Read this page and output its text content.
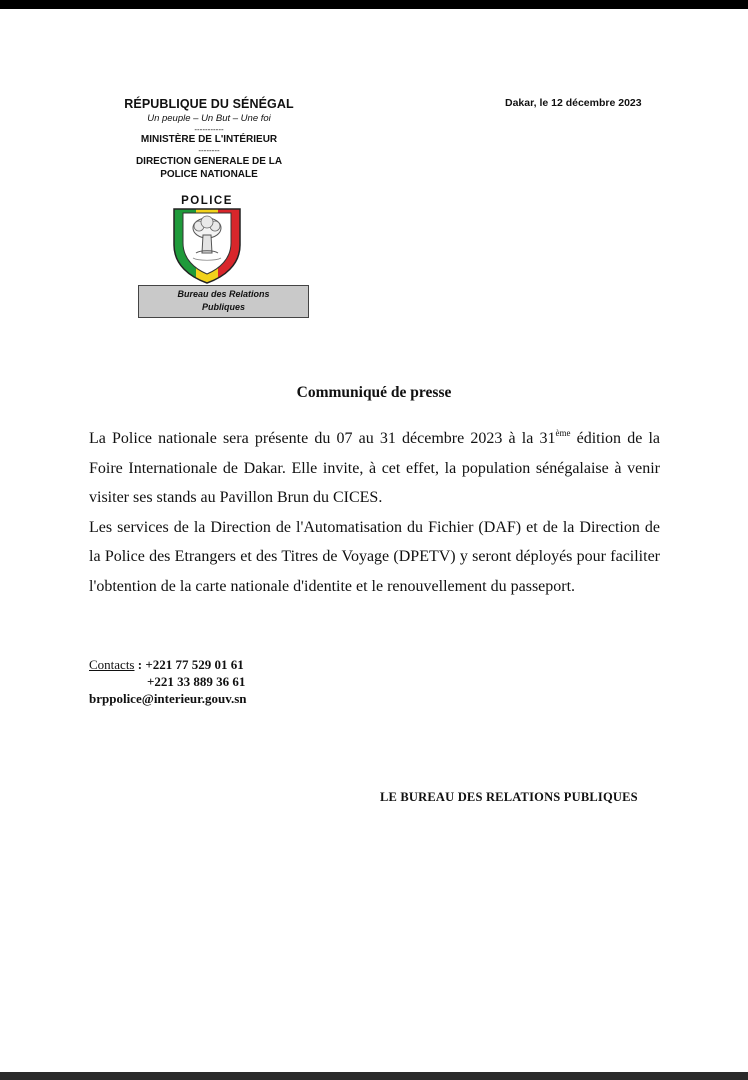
RÉPUBLIQUE DU SÉNÉGAL
Un peuple – Un But – Une foi
-----------
MINISTÈRE DE L'INTÉRIEUR
--------
DIRECTION GENERALE DE LA
POLICE NATIONALE
Dakar, le 12 décembre 2023
POLICE
Bureau des Relations
Publiques
Communiqué de presse

La Police nationale sera présente du 07 au 31 décembre 2023 à la 31ème édition de la Foire Internationale de Dakar. Elle invite, à cet effet, la population sénégalaise à venir visiter ses stands au Pavillon Brun du CICES.

Les services de la Direction de l'Automatisation du Fichier (DAF) et de la Direction de la Police des Etrangers et des Titres de Voyage (DPETV) y seront déployés pour faciliter l'obtention de la carte nationale d'identite et le renouvellement du passeport.

Contacts : +221 77 529 01 61
+221 33 889 36 61
brppolice@interieur.gouv.sn
LE BUREAU DES RELATIONS PUBLIQUES
